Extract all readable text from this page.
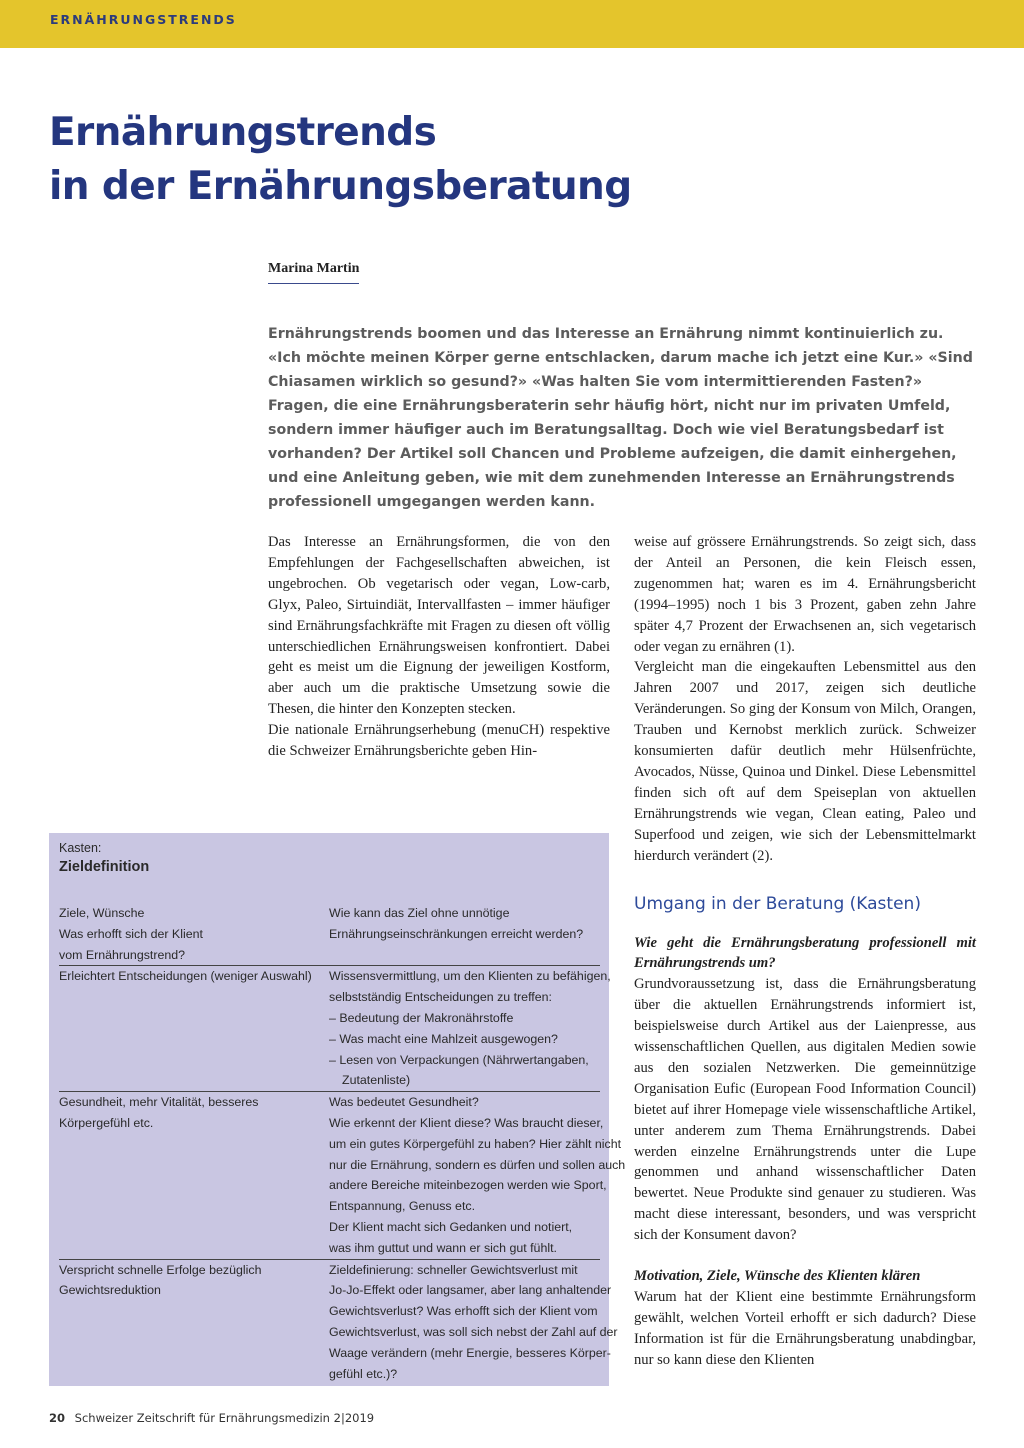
ERNÄHRUNGSTRENDS
Ernährungstrends
in der Ernährungsberatung
Marina Martin

Ernährungstrends boomen und das Interesse an Ernährung nimmt kontinuierlich zu. «Ich möchte meinen Körper gerne entschlacken, darum mache ich jetzt eine Kur.» «Sind Chiasamen wirklich so gesund?» «Was halten Sie vom intermittierenden Fasten?» Fragen, die eine Ernährungsberaterin sehr häufig hört, nicht nur im privaten Umfeld, sondern immer häufiger auch im Beratungsalltag. Doch wie viel Beratungsbedarf ist vorhanden? Der Artikel soll Chancen und Probleme aufzeigen, die damit einhergehen, und eine Anleitung geben, wie mit dem zunehmenden Interesse an Ernährungstrends professionell umgegangen werden kann.

Das Interesse an Ernährungsformen, die von den Empfehlungen der Fachgesellschaften abweichen, ist ungebrochen. Ob vegetarisch oder vegan, Low-carb, Glyx, Paleo, Sirtuindiät, Intervallfasten – immer häufiger sind Ernährungsfachkräfte mit Fragen zu diesen oft völlig unterschiedlichen Ernährungsweisen konfrontiert. Dabei geht es meist um die Eignung der jeweiligen Kostform, aber auch um die praktische Umsetzung sowie die Thesen, die hinter den Konzepten stecken.

Die nationale Ernährungserhebung (menuCH) respektive die Schweizer Ernährungsberichte geben Hin-

weise auf grössere Ernährungstrends. So zeigt sich, dass der Anteil an Personen, die kein Fleisch essen, zugenommen hat; waren es im 4. Ernährungsbericht (1994–1995) noch 1 bis 3 Prozent, gaben zehn Jahre später 4,7 Prozent der Erwachsenen an, sich vegetarisch oder vegan zu ernähren (1).

Vergleicht man die eingekauften Lebensmittel aus den Jahren 2007 und 2017, zeigen sich deutliche Veränderungen. So ging der Konsum von Milch, Orangen, Trauben und Kernobst merklich zurück. Schweizer konsumierten dafür deutlich mehr Hülsenfrüchte, Avocados, Nüsse, Quinoa und Dinkel. Diese Lebensmittel finden sich oft auf dem Speiseplan von aktuellen Ernährungstrends wie vegan, Clean eating, Paleo und Superfood und zeigen, wie sich der Lebensmittelmarkt hierdurch verändert (2).

Umgang in der Beratung (Kasten)

Wie geht die Ernährungsberatung professionell mit Ernährungstrends um?

Grundvoraussetzung ist, dass die Ernährungsberatung über die aktuellen Ernährungstrends informiert ist, beispielsweise durch Artikel aus der Laienpresse, aus wissenschaftlichen Quellen, aus digitalen Medien sowie aus den sozialen Netzwerken. Die gemeinnützige Organisation Eufic (European Food Information Council) bietet auf ihrer Homepage viele wissenschaftliche Artikel, unter anderem zum Thema Ernährungstrends. Dabei werden einzelne Ernährungstrends unter die Lupe genommen und anhand wissenschaftlicher Daten bewertet. Neue Produkte sind genauer zu studieren. Was macht diese interessant, besonders, und was verspricht sich der Konsument davon?

Motivation, Ziele, Wünsche des Klienten klären

Warum hat der Klient eine bestimmte Ernährungsform gewählt, welchen Vorteil erhofft er sich dadurch? Diese Information ist für die Ernährungsberatung unabdingbar, nur so kann diese den Klienten

Kasten:
Zieldefinition
Ziele, Wünsche
Was erhofft sich der Klient
vom Ernährungstrend?
Wie kann das Ziel ohne unnötige
Ernährungseinschränkungen erreicht werden?
Erleichtert Entscheidungen (weniger Auswahl)	Wissensvermittlung, um den Klienten zu befähigen,
selbstständig Entscheidungen zu treffen:
– Bedeutung der Makronährstoffe
– Was macht eine Mahlzeit ausgewogen?
– Lesen von Verpackungen (Nährwertangaben,
Zutatenliste)
Gesundheit, mehr Vitalität, besseres
Körpergefühl etc.
Was bedeutet Gesundheit?
Wie erkennt der Klient diese? Was braucht dieser,
um ein gutes Körpergefühl zu haben? Hier zählt nicht
nur die Ernährung, sondern es dürfen und sollen auch
andere Bereiche miteinbezogen werden wie Sport,
Entspannung, Genuss etc.
Der Klient macht sich Gedanken und notiert,
was ihm guttut und wann er sich gut fühlt.
Verspricht schnelle Erfolge bezüglich
Gewichtsreduktion
Zieldefinierung: schneller Gewichtsverlust mit
Jo-Jo-Effekt oder langsamer, aber lang anhaltender
Gewichtsverlust? Was erhofft sich der Klient vom
Gewichtsverlust, was soll sich nebst der Zahl auf der
Waage verändern (mehr Energie, besseres Körper-
gefühl etc.)?
20 Schweizer Zeitschrift für Ernährungsmedizin 2|2019
